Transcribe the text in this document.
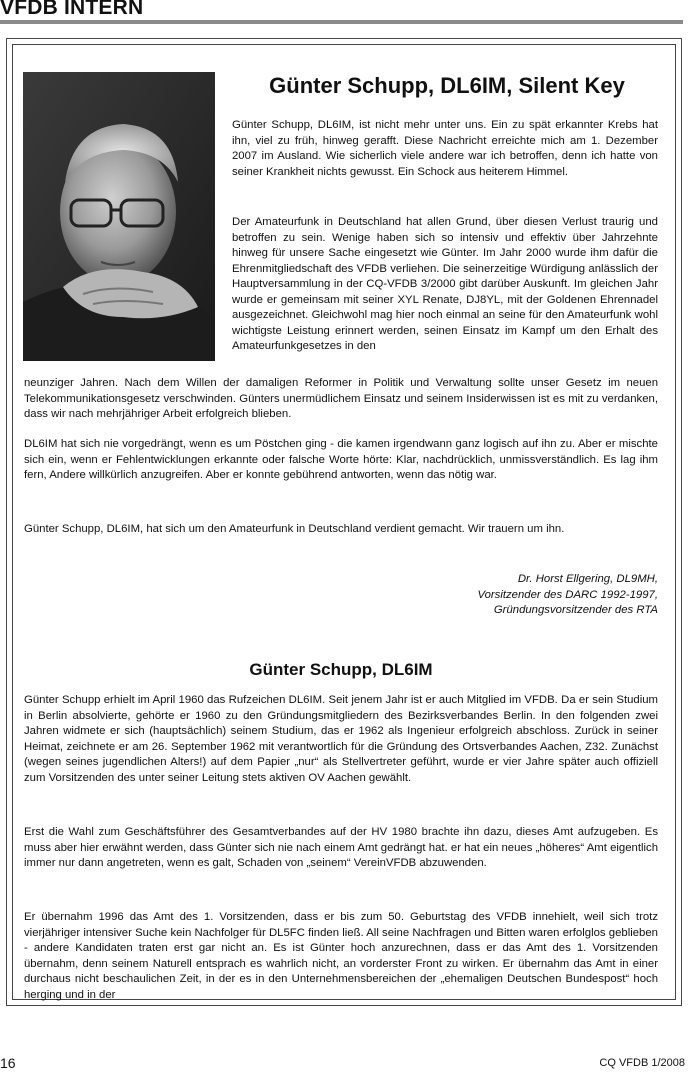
VFDB INTERN
Günter Schupp, DL6IM, Silent Key

Günter Schupp, DL6IM, ist nicht mehr unter uns. Ein zu spät erkannter Krebs hat ihn, viel zu früh, hinweg gerafft. Diese Nachricht erreichte mich am 1. Dezember 2007 im Ausland. Wie sicherlich viele andere war ich betroffen, denn ich hatte von seiner Krankheit nichts gewusst. Ein Schock aus heiterem Himmel.

Der Amateurfunk in Deutschland hat allen Grund, über diesen Verlust traurig und betroffen zu sein. Wenige haben sich so intensiv und effektiv über Jahrzehnte hinweg für unsere Sache eingesetzt wie Günter. Im Jahr 2000 wurde ihm dafür die Ehrenmitgliedschaft des VFDB verliehen. Die seinerzeitige Würdigung anlässlich der Hauptversammlung in der CQ-VFDB 3/2000 gibt darüber Auskunft. Im gleichen Jahr wurde er gemeinsam mit seiner XYL Renate, DJ8YL, mit der Goldenen Ehrennadel ausgezeichnet. Gleichwohl mag hier noch einmal an seine für den Amateurfunk wohl wichtigste Leistung erinnert werden, seinen Einsatz im Kampf um den Erhalt des Amateurfunkgesetzes in den

neunziger Jahren. Nach dem Willen der damaligen Reformer in Politik und Verwaltung sollte unser Gesetz im neuen Telekommunikationsgesetz verschwinden. Günters unermüdlichem Einsatz und seinem Insiderwissen ist es mit zu verdanken, dass wir nach mehrjähriger Arbeit erfolgreich blieben.

DL6IM hat sich nie vorgedrängt, wenn es um Pöstchen ging - die kamen irgendwann ganz logisch auf ihn zu. Aber er mischte sich ein, wenn er Fehlentwicklungen erkannte oder falsche Worte hörte: Klar, nachdrücklich, unmissverständlich. Es lag ihm fern, Andere willkürlich anzugreifen. Aber er konnte gebührend antworten, wenn das nötig war.

Günter Schupp, DL6IM, hat sich um den Amateurfunk in Deutschland verdient gemacht. Wir trauern um ihn.

Dr. Horst Ellgering, DL9MH,
Vorsitzender des DARC 1992-1997,
Gründungsvorsitzender des RTA
Günter Schupp, DL6IM

Günter Schupp erhielt im April 1960 das Rufzeichen DL6IM. Seit jenem Jahr ist er auch Mitglied im VFDB. Da er sein Studium in Berlin absolvierte, gehörte er 1960 zu den Gründungsmitgliedern des Bezirksverbandes Berlin. In den folgenden zwei Jahren widmete er sich (hauptsächlich) seinem Studium, das er 1962 als Ingenieur erfolgreich abschloss. Zurück in seiner Heimat, zeichnete er am 26. September 1962 mit verantwortlich für die Gründung des Ortsverbandes Aachen, Z32. Zunächst (wegen seines jugendlichen Alters!) auf dem Papier „nur“ als Stellvertreter geführt, wurde er vier Jahre später auch offiziell zum Vorsitzenden des unter seiner Leitung stets aktiven OV Aachen gewählt.

Erst die Wahl zum Geschäftsführer des Gesamtverbandes auf der HV 1980 brachte ihn dazu, dieses Amt aufzugeben. Es muss aber hier erwähnt werden, dass Günter sich nie nach einem Amt gedrängt hat. er hat ein neues „höheres“ Amt eigentlich immer nur dann angetreten, wenn es galt, Schaden von „seinem“ VereinVFDB abzuwenden.

Er übernahm 1996 das Amt des 1. Vorsitzenden, dass er bis zum 50. Geburtstag des VFDB innehielt, weil sich trotz vierjähriger intensiver Suche kein Nachfolger für DL5FC finden ließ. All seine Nachfragen und Bitten waren erfolglos geblieben - andere Kandidaten traten erst gar nicht an. Es ist Günter hoch anzurechnen, dass er das Amt des 1. Vorsitzenden übernahm, denn seinem Naturell entsprach es wahrlich nicht, an vorderster Front zu wirken. Er übernahm das Amt in einer durchaus nicht beschaulichen Zeit, in der es in den Unternehmensbereichen der „ehemaligen Deutschen Bundespost“ hoch herging und in der

16	CQ VFDB 1/2008
